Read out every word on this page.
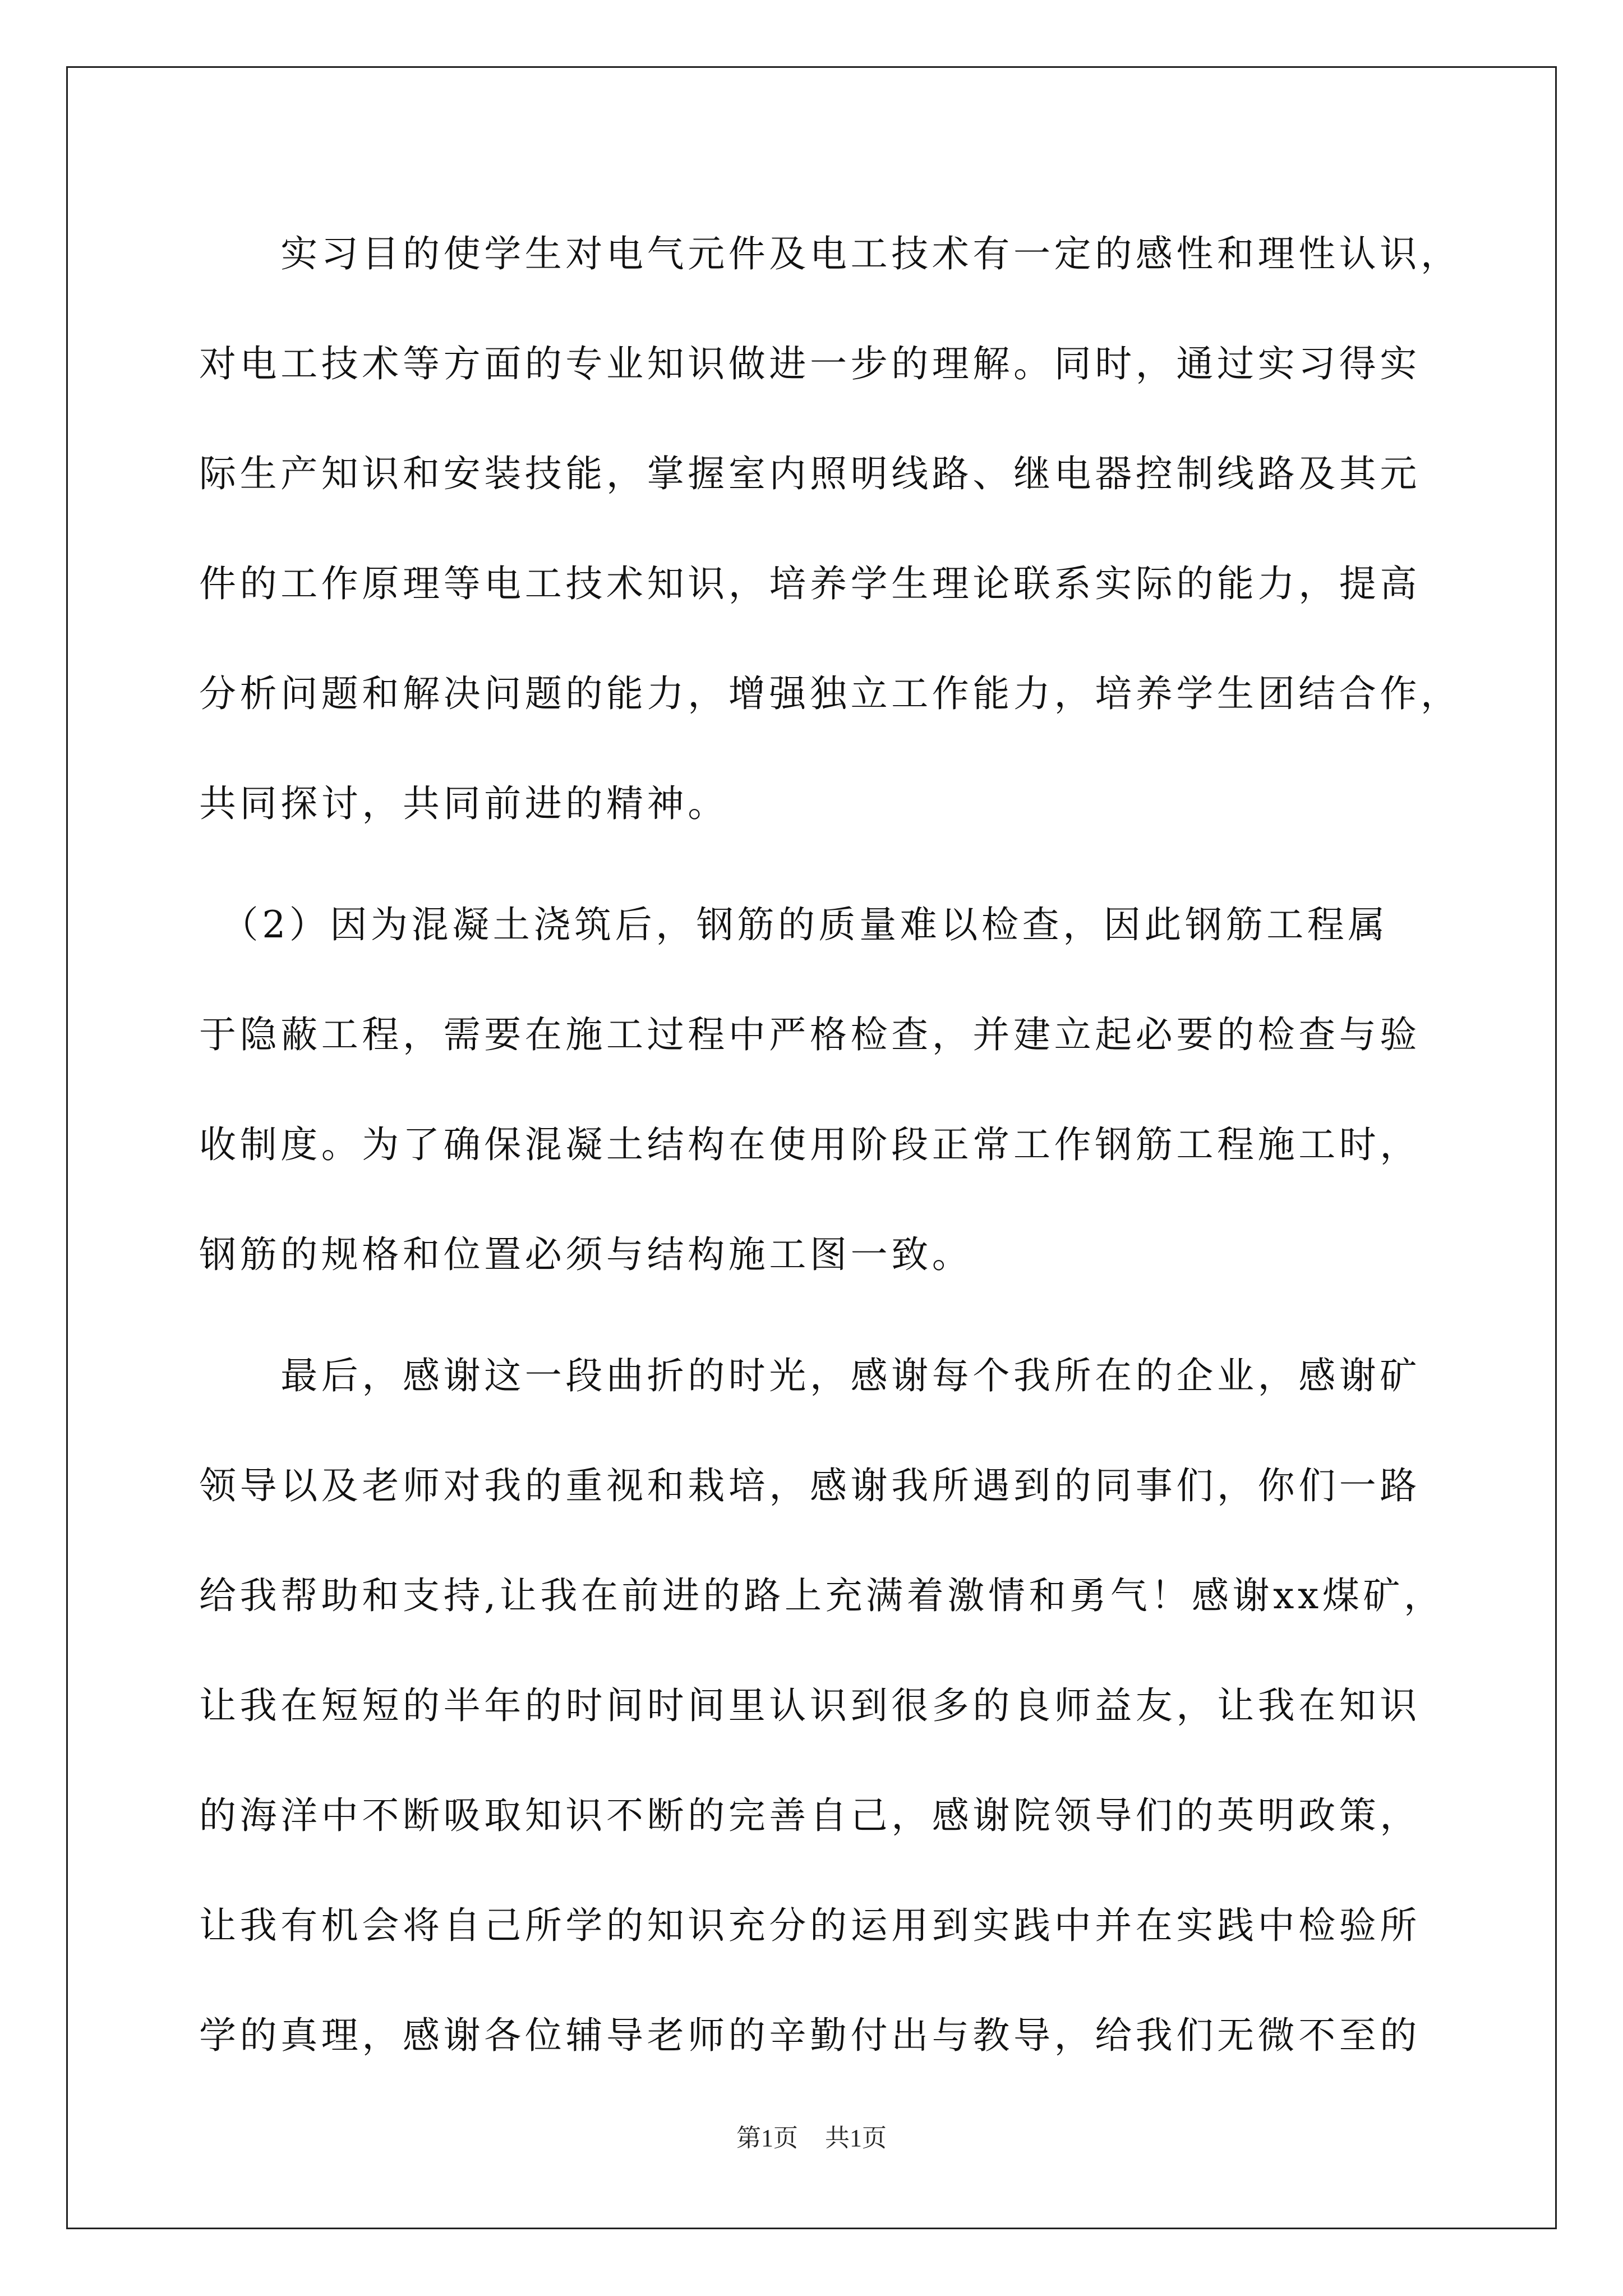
　　实习目的使学生对电气元件及电工技术有一定的感性和理性认识，
对电工技术等方面的专业知识做进一步的理解。同时，通过实习得实
际生产知识和安装技能，掌握室内照明线路、继电器控制线路及其元
件的工作原理等电工技术知识，培养学生理论联系实际的能力，提高
分析问题和解决问题的能力，增强独立工作能力，培养学生团结合作，
共同探讨，共同前进的精神。
　（2）因为混凝土浇筑后，钢筋的质量难以检查，因此钢筋工程属
于隐蔽工程，需要在施工过程中严格检查，并建立起必要的检查与验
收制度。为了确保混凝土结构在使用阶段正常工作钢筋工程施工时，
钢筋的规格和位置必须与结构施工图一致。
　　最后，感谢这一段曲折的时光，感谢每个我所在的企业，感谢矿
领导以及老师对我的重视和栽培，感谢我所遇到的同事们，你们一路
给我帮助和支持,让我在前进的路上充满着激情和勇气！感谢xx煤矿，
让我在短短的半年的时间时间里认识到很多的良师益友，让我在知识
的海洋中不断吸取知识不断的完善自己，感谢院领导们的英明政策，
让我有机会将自己所学的知识充分的运用到实践中并在实践中检验所
学的真理，感谢各位辅导老师的辛勤付出与教导，给我们无微不至的
第1页 共1页
